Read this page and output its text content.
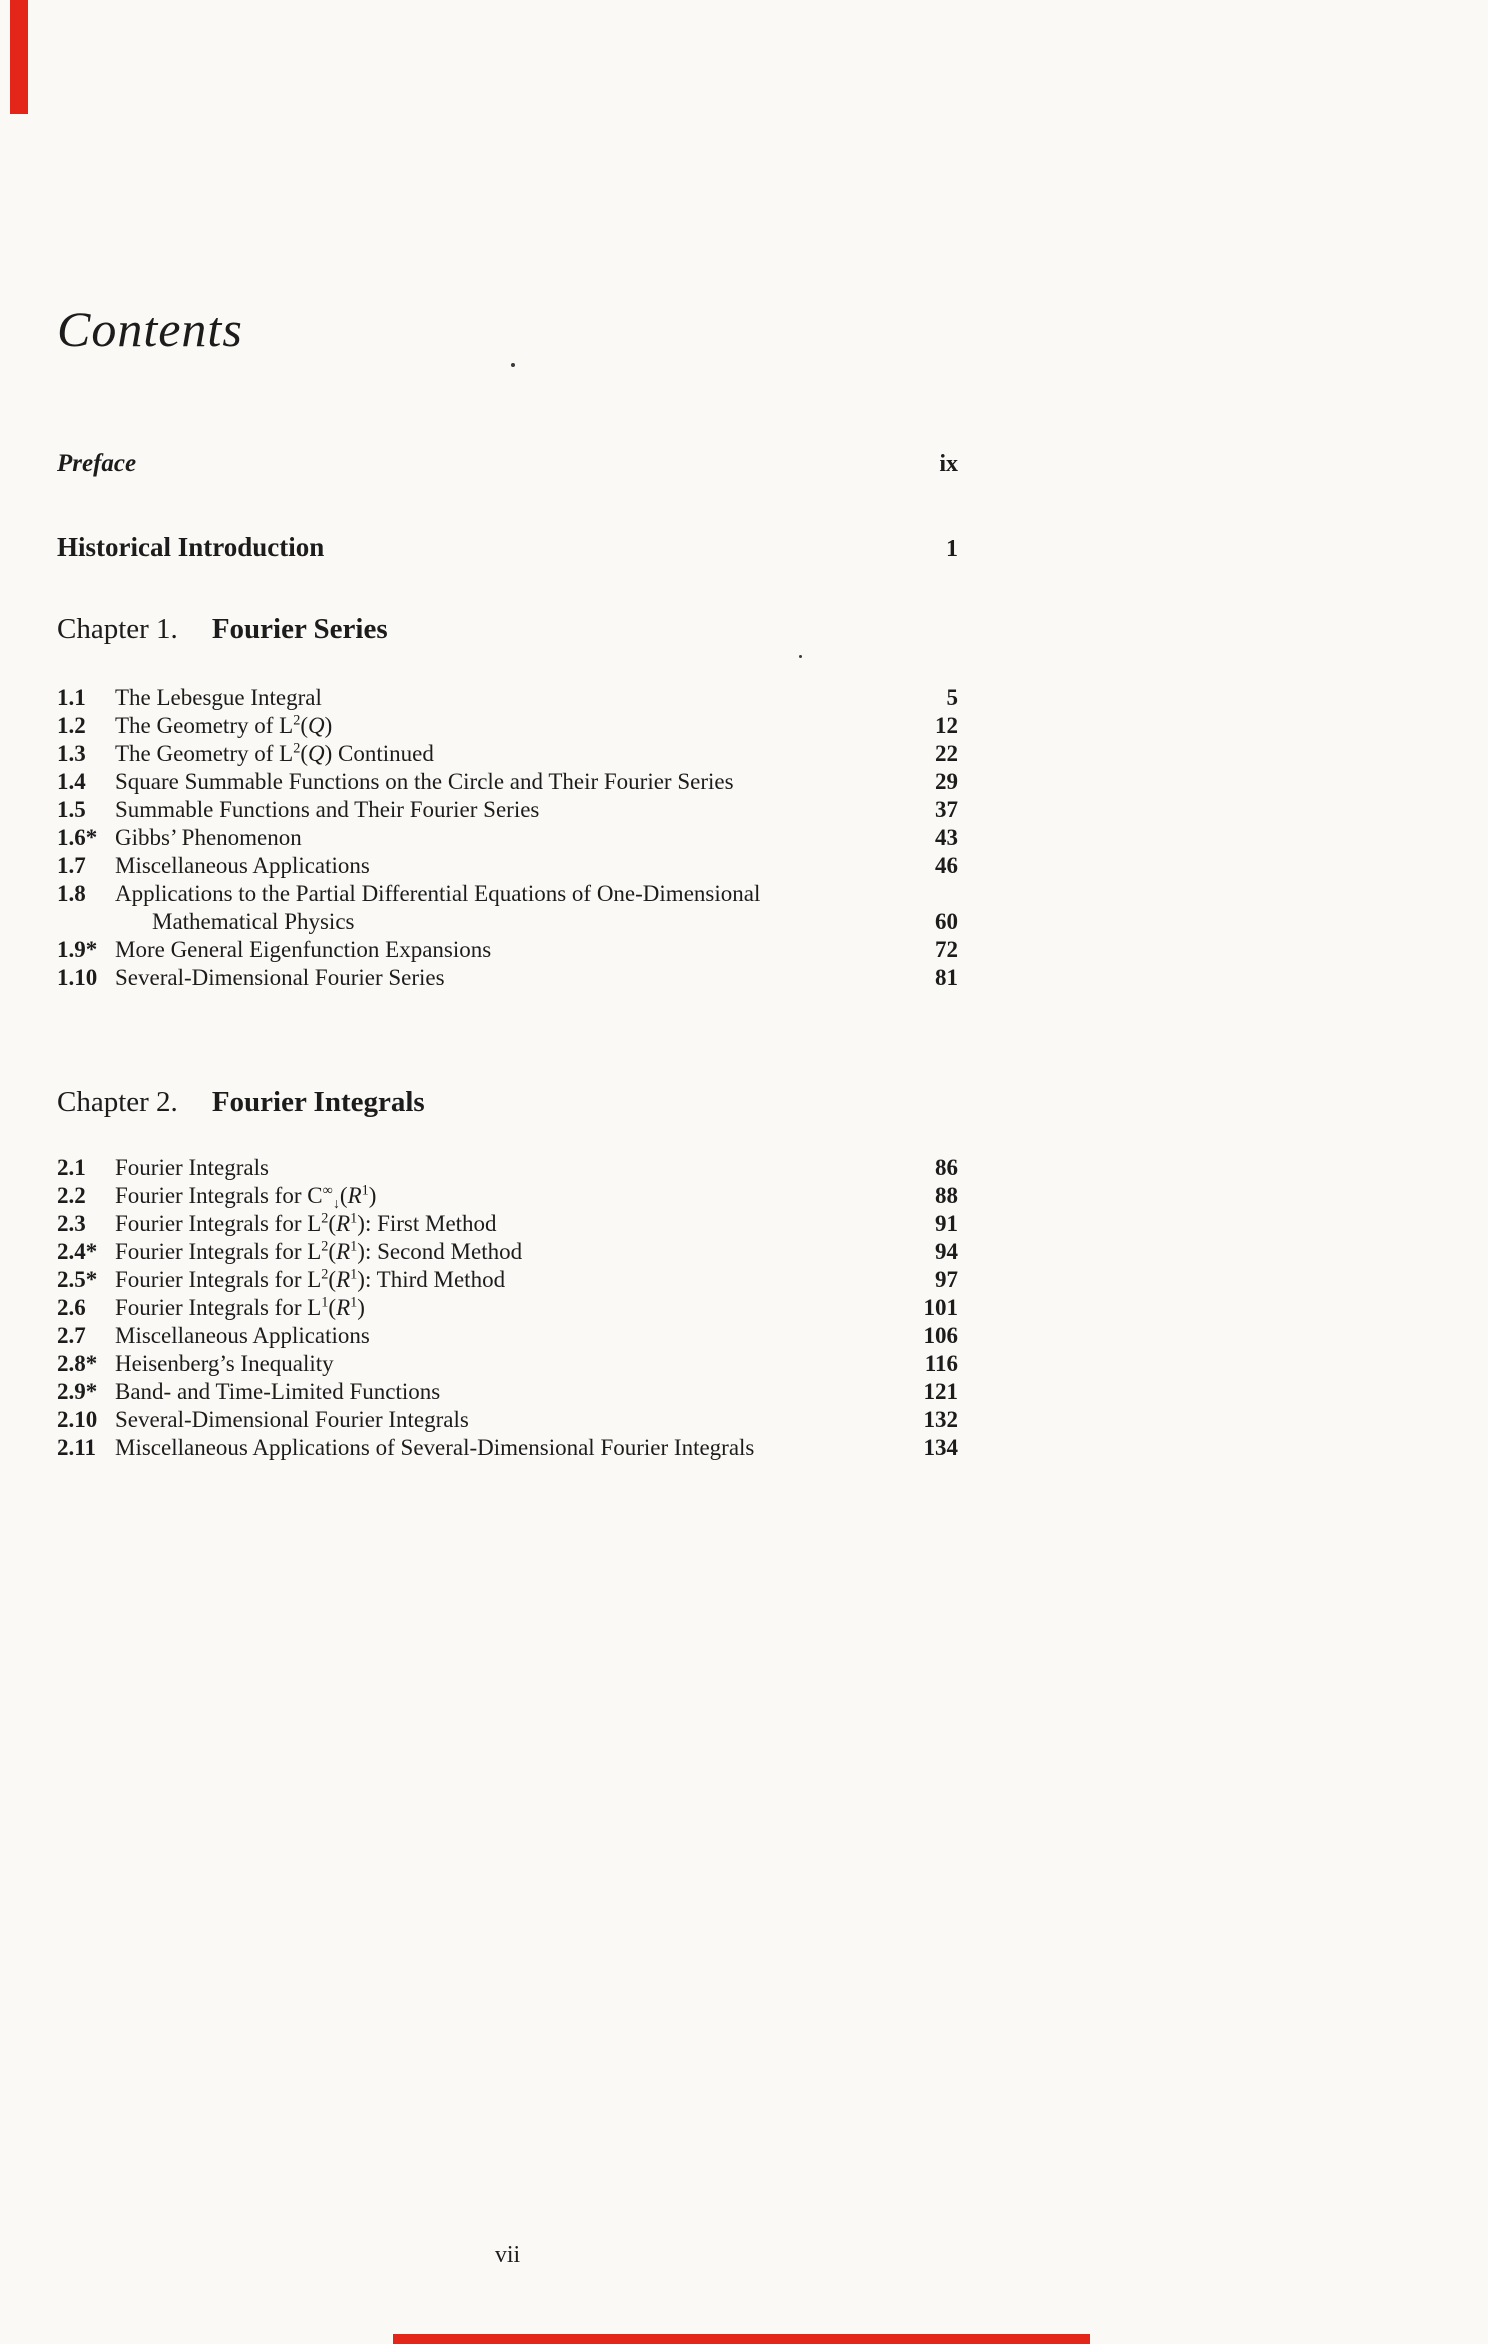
Contents
Preface	ix
Historical Introduction	1
Chapter 1. Fourier Series
1.1	The Lebesgue Integral	5
1.2	The Geometry of $L^2(Q)$	12
1.3	The Geometry of $L^2(Q)$ Continued	22
1.4	Square Summable Functions on the Circle and Their Fourier Series	29
1.5	Summable Functions and Their Fourier Series	37
1.6* Gibbs’ Phenomenon	43
1.7	Miscellaneous Applications	46
1.8	Applications to the Partial Differential Equations of One-Dimensional
Mathematical Physics	60
1.9* More General Eigenfunction Expansions	72
1.10 Several-Dimensional Fourier Series	81
Chapter 2. Fourier Integrals
2.1	Fourier Integrals	86
2.2	Fourier Integrals for $C^\infty_↓(R^1)$	88
2.3	Fourier Integrals for $L^2(R^1)$: First Method	91
2.4* Fourier Integrals for $L^2(R^1)$: Second Method	94
2.5* Fourier Integrals for $L^2(R^1)$: Third Method	97
2.6	Fourier Integrals for $L^1(R^1)$	101
2.7	Miscellaneous Applications	106
2.8* Heisenberg’s Inequality	116
2.9* Band- and Time-Limited Functions	121
2.10 Several-Dimensional Fourier Integrals	132
2.11 Miscellaneous Applications of Several-Dimensional Fourier Integrals	134
vii
